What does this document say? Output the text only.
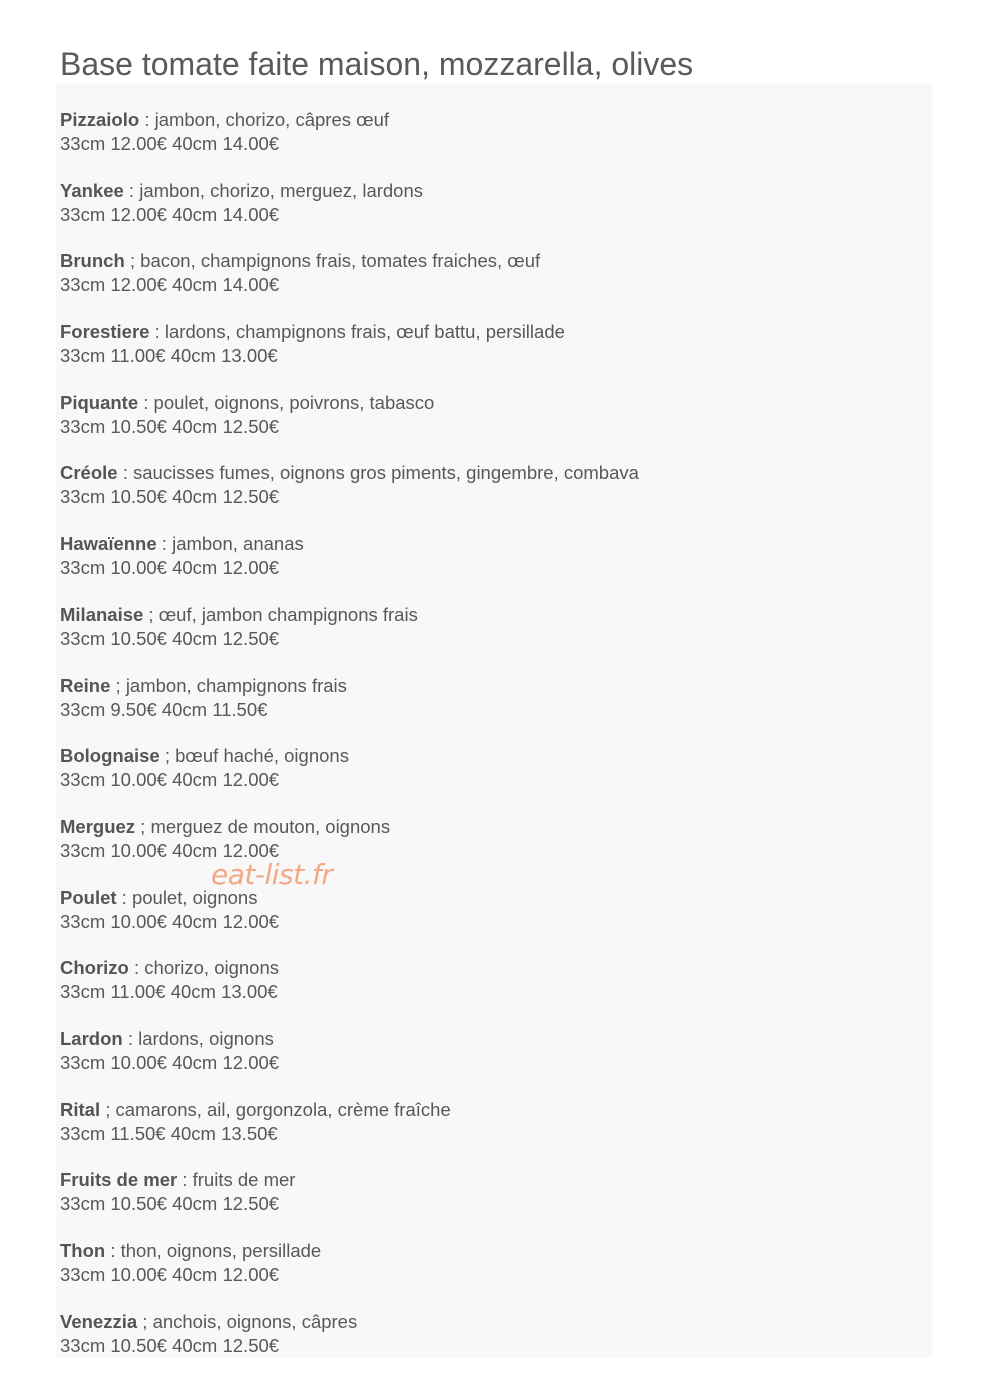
Base tomate faite maison, mozzarella, olives
Pizzaiolo : jambon, chorizo, câpres œuf
33cm 12.00€ 40cm 14.00€
Yankee : jambon, chorizo, merguez, lardons
33cm 12.00€ 40cm 14.00€
Brunch ; bacon, champignons frais, tomates fraiches, œuf
33cm 12.00€ 40cm 14.00€
Forestiere : lardons, champignons frais, œuf battu, persillade
33cm 11.00€ 40cm 13.00€
Piquante : poulet, oignons, poivrons, tabasco
33cm 10.50€ 40cm 12.50€
Créole : saucisses fumes, oignons gros piments, gingembre, combava
33cm 10.50€ 40cm 12.50€
Hawaïenne : jambon, ananas
33cm 10.00€ 40cm 12.00€
Milanaise ; œuf, jambon champignons frais
33cm 10.50€ 40cm 12.50€
Reine ; jambon, champignons frais
33cm 9.50€ 40cm 11.50€
Bolognaise ; bœuf haché, oignons
33cm 10.00€ 40cm 12.00€
Merguez ; merguez de mouton, oignons
33cm 10.00€ 40cm 12.00€
Poulet : poulet, oignons
33cm 10.00€ 40cm 12.00€
Chorizo : chorizo, oignons
33cm 11.00€ 40cm 13.00€
Lardon : lardons, oignons
33cm 10.00€ 40cm 12.00€
Rital ; camarons, ail, gorgonzola, crème fraîche
33cm 11.50€ 40cm 13.50€
Fruits de mer : fruits de mer
33cm 10.50€ 40cm 12.50€
Thon : thon, oignons, persillade
33cm 10.00€ 40cm 12.00€
Venezzia ; anchois, oignons, câpres
33cm 10.50€ 40cm 12.50€
eat-list.fr
